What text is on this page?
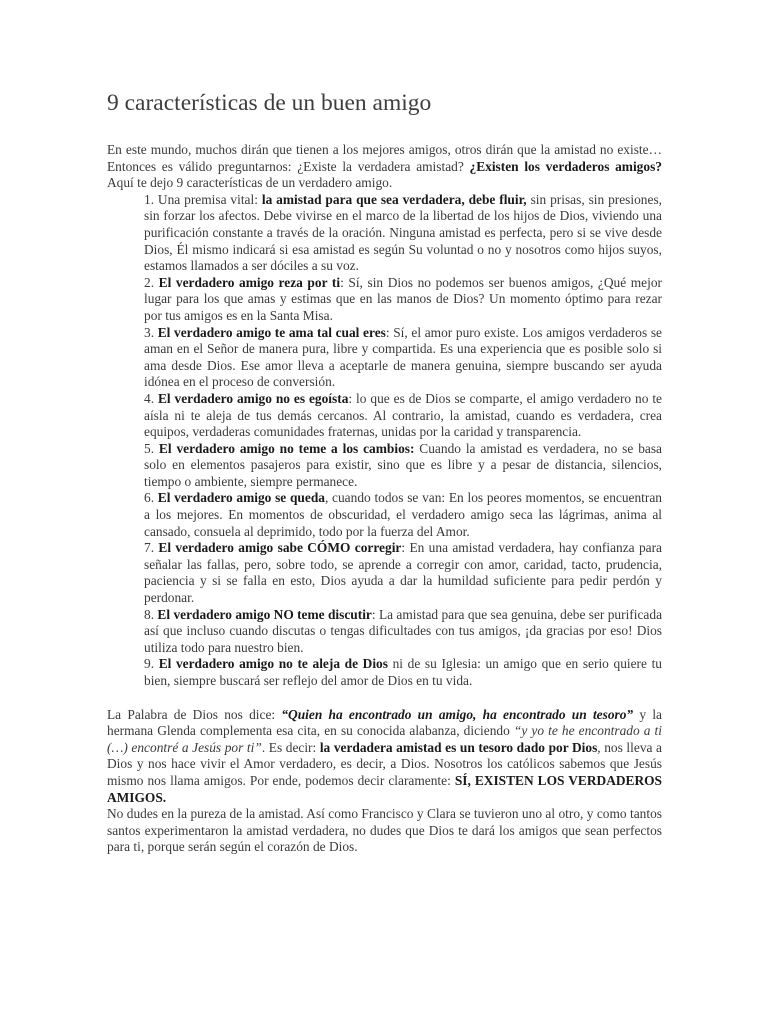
9 características de un buen amigo

En este mundo, muchos dirán que tienen a los mejores amigos, otros dirán que la amistad no existe… Entonces es válido preguntarnos: ¿Existe la verdadera amistad? ¿Existen los verdaderos amigos? Aquí te dejo 9 características de un verdadero amigo.

1. Una premisa vital: la amistad para que sea verdadera, debe fluir, sin prisas, sin presiones, sin forzar los afectos. Debe vivirse en el marco de la libertad de los hijos de Dios, viviendo una purificación constante a través de la oración. Ninguna amistad es perfecta, pero si se vive desde Dios, Él mismo indicará si esa amistad es según Su voluntad o no y nosotros como hijos suyos, estamos llamados a ser dóciles a su voz.
2. El verdadero amigo reza por ti: Sí, sin Dios no podemos ser buenos amigos, ¿Qué mejor lugar para los que amas y estimas que en las manos de Dios? Un momento óptimo para rezar por tus amigos es en la Santa Misa.
3. El verdadero amigo te ama tal cual eres: Sí, el amor puro existe. Los amigos verdaderos se aman en el Señor de manera pura, libre y compartida. Es una experiencia que es posible solo si ama desde Dios. Ese amor lleva a aceptarle de manera genuina, siempre buscando ser ayuda idónea en el proceso de conversión.
4. El verdadero amigo no es egoísta: lo que es de Dios se comparte, el amigo verdadero no te aísla ni te aleja de tus demás cercanos. Al contrario, la amistad, cuando es verdadera, crea equipos, verdaderas comunidades fraternas, unidas por la caridad y transparencia.
5. El verdadero amigo no teme a los cambios: Cuando la amistad es verdadera, no se basa solo en elementos pasajeros para existir, sino que es libre y a pesar de distancia, silencios, tiempo o ambiente, siempre permanece.
6. El verdadero amigo se queda, cuando todos se van: En los peores momentos, se encuentran a los mejores. En momentos de obscuridad, el verdadero amigo seca las lágrimas, anima al cansado, consuela al deprimido, todo por la fuerza del Amor.
7. El verdadero amigo sabe CÓMO corregir: En una amistad verdadera, hay confianza para señalar las fallas, pero, sobre todo, se aprende a corregir con amor, caridad, tacto, prudencia, paciencia y si se falla en esto, Dios ayuda a dar la humildad suficiente para pedir perdón y perdonar.
8. El verdadero amigo NO teme discutir: La amistad para que sea genuina, debe ser purificada así que incluso cuando discutas o tengas dificultades con tus amigos, ¡da gracias por eso! Dios utiliza todo para nuestro bien.
9. El verdadero amigo no te aleja de Dios ni de su Iglesia: un amigo que en serio quiere tu bien, siempre buscará ser reflejo del amor de Dios en tu vida.

La Palabra de Dios nos dice: “Quien ha encontrado un amigo, ha encontrado un tesoro” y la hermana Glenda complementa esa cita, en su conocida alabanza, diciendo “y yo te he encontrado a ti (…) encontré a Jesús por ti”. Es decir: la verdadera amistad es un tesoro dado por Dios, nos lleva a Dios y nos hace vivir el Amor verdadero, es decir, a Dios. Nosotros los católicos sabemos que Jesús mismo nos llama amigos. Por ende, podemos decir claramente: SÍ, EXISTEN LOS VERDADEROS AMIGOS.

No dudes en la pureza de la amistad. Así como Francisco y Clara se tuvieron uno al otro, y como tantos santos experimentaron la amistad verdadera, no dudes que Dios te dará los amigos que sean perfectos para ti, porque serán según el corazón de Dios.
